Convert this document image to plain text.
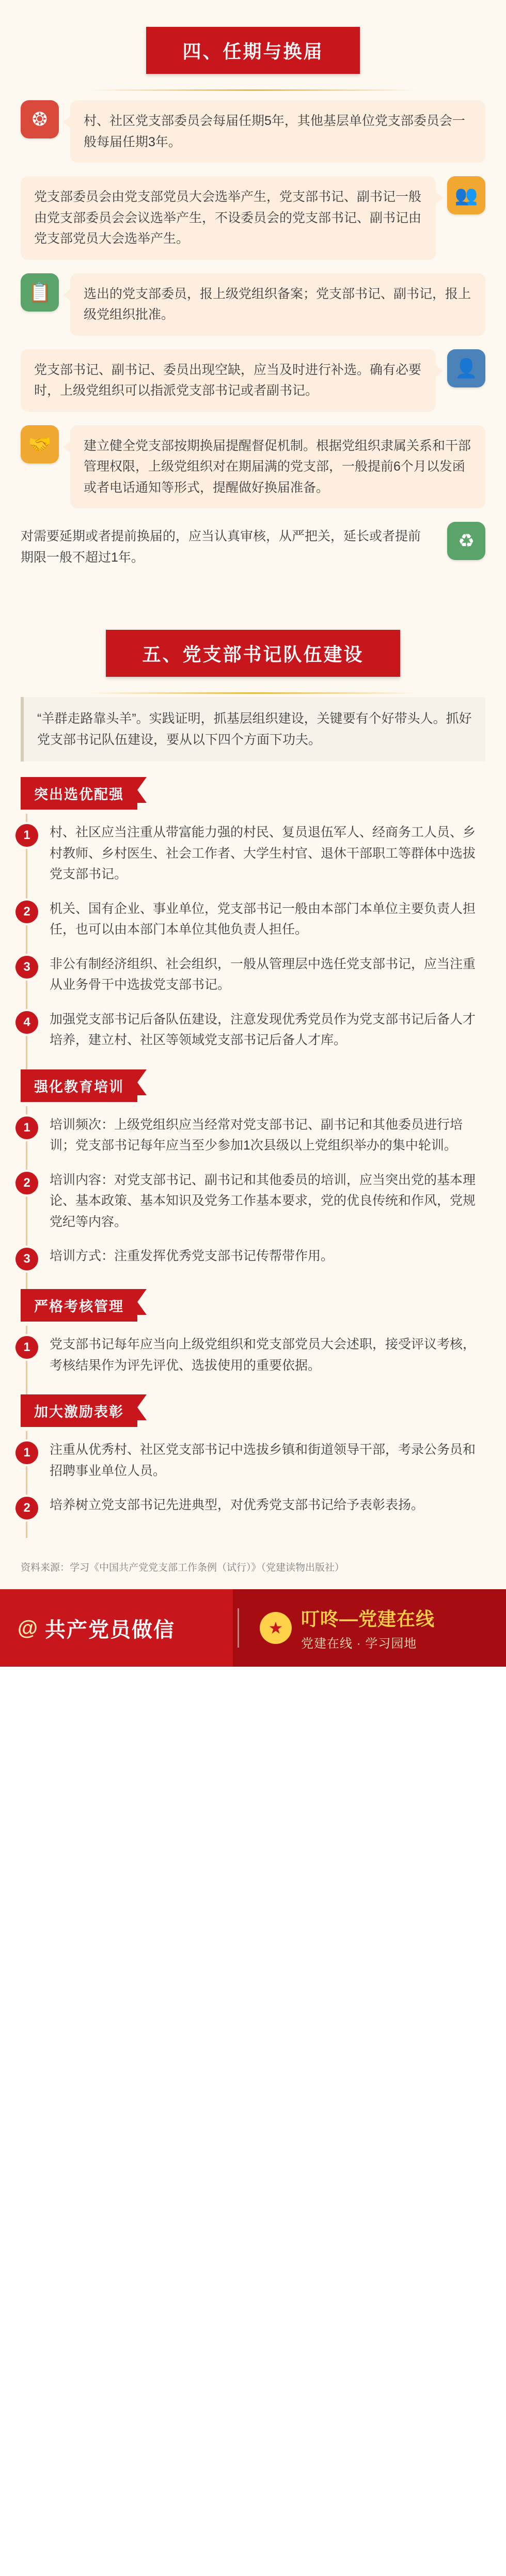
四、任期与换届
❂	村、社区党支部委员会每届任期5年，其他基层单位党支部委员会一般每届任期3年。
党支部委员会由党支部党员大会选举产生，党支部书记、副书记一般由党支部委员会会议选举产生，不设委员会的党支部书记、副书记由党支部党员大会选举产生。
👥
📋	选出的党支部委员，报上级党组织备案；党支部书记、副书记，报上级党组织批准。
党支部书记、副书记、委员出现空缺，应当及时进行补选。确有必要时，上级党组织可以指派党支部书记或者副书记。
👤
🤝	建立健全党支部按期换届提醒督促机制。根据党组织隶属关系和干部管理权限，上级党组织对在期届满的党支部，一般提前6个月以发函或者电话通知等形式，提醒做好换届准备。
对需要延期或者提前换届的，应当认真审核，从严把关，延长或者提前期限一般不超过1年。
♻
五、党支部书记队伍建设
“羊群走路靠头羊”。实践证明，抓基层组织建设，关键要有个好带头人。抓好党支部书记队伍建设，要从以下四个方面下功夫。
突出选优配强
1	村、社区应当注重从带富能力强的村民、复员退伍军人、经商务工人员、乡村教师、乡村医生、社会工作者、大学生村官、退休干部职工等群体中选拔党支部书记。
2	机关、国有企业、事业单位，党支部书记一般由本部门本单位主要负责人担任，也可以由本部门本单位其他负责人担任。
3	非公有制经济组织、社会组织，一般从管理层中选任党支部书记，应当注重从业务骨干中选拔党支部书记。
4	加强党支部书记后备队伍建设，注意发现优秀党员作为党支部书记后备人才培养，建立村、社区等领域党支部书记后备人才库。
强化教育培训
1	培训频次：上级党组织应当经常对党支部书记、副书记和其他委员进行培训；党支部书记每年应当至少参加1次县级以上党组织举办的集中轮训。
2	培训内容：对党支部书记、副书记和其他委员的培训，应当突出党的基本理论、基本政策、基本知识及党务工作基本要求，党的优良传统和作风，党规党纪等内容。
3	培训方式：注重发挥优秀党支部书记传帮带作用。
严格考核管理
1	党支部书记每年应当向上级党组织和党支部党员大会述职，接受评议考核，考核结果作为评先评优、选拔使用的重要依据。
加大激励表彰
1	注重从优秀村、社区党支部书记中选拔乡镇和街道领导干部，考录公务员和招聘事业单位人员。
2	培养树立党支部书记先进典型，对优秀党支部书记给予表彰表扬。
资料来源：学习《中国共产党党支部工作条例（试行）》（党建读物出版社）
@ 共产党员做信	★ 叮咚—党建在线
党建在线 · 学习园地
